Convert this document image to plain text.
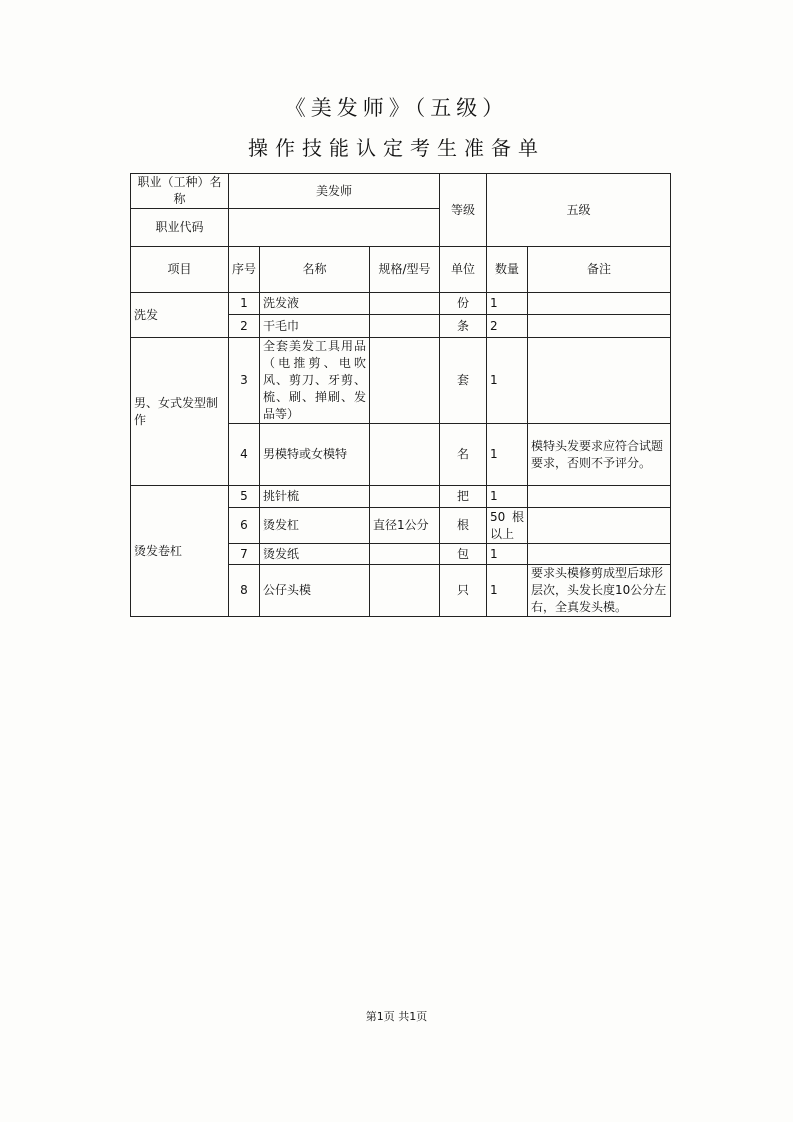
《美发师》（五级）
操作技能认定考生准备单
职业（工种）名称	美发师			等级	五级	
职业代码						
项目	序号	名称	规格/型号	单位	数量	备注
洗发	1	洗发液		份	1	
	2	干毛巾		条	2	
男、女式发型制作	3	全套美发工具用品（电推剪、电吹风、剪刀、牙剪、梳、刷、掸刷、发品等）		套	1	
	4	男模特或女模特		名	1	模特头发要求应符合试题要求，否则不予评分。
烫发卷杠	5	挑针梳		把	1	
	6	烫发杠	直径1公分	根	50根以上	
	7	烫发纸		包	1	
	8	公仔头模		只	1	要求头模修剪成型后球形层次，头发长度10公分左右，全真发头模。
第1页 共1页
